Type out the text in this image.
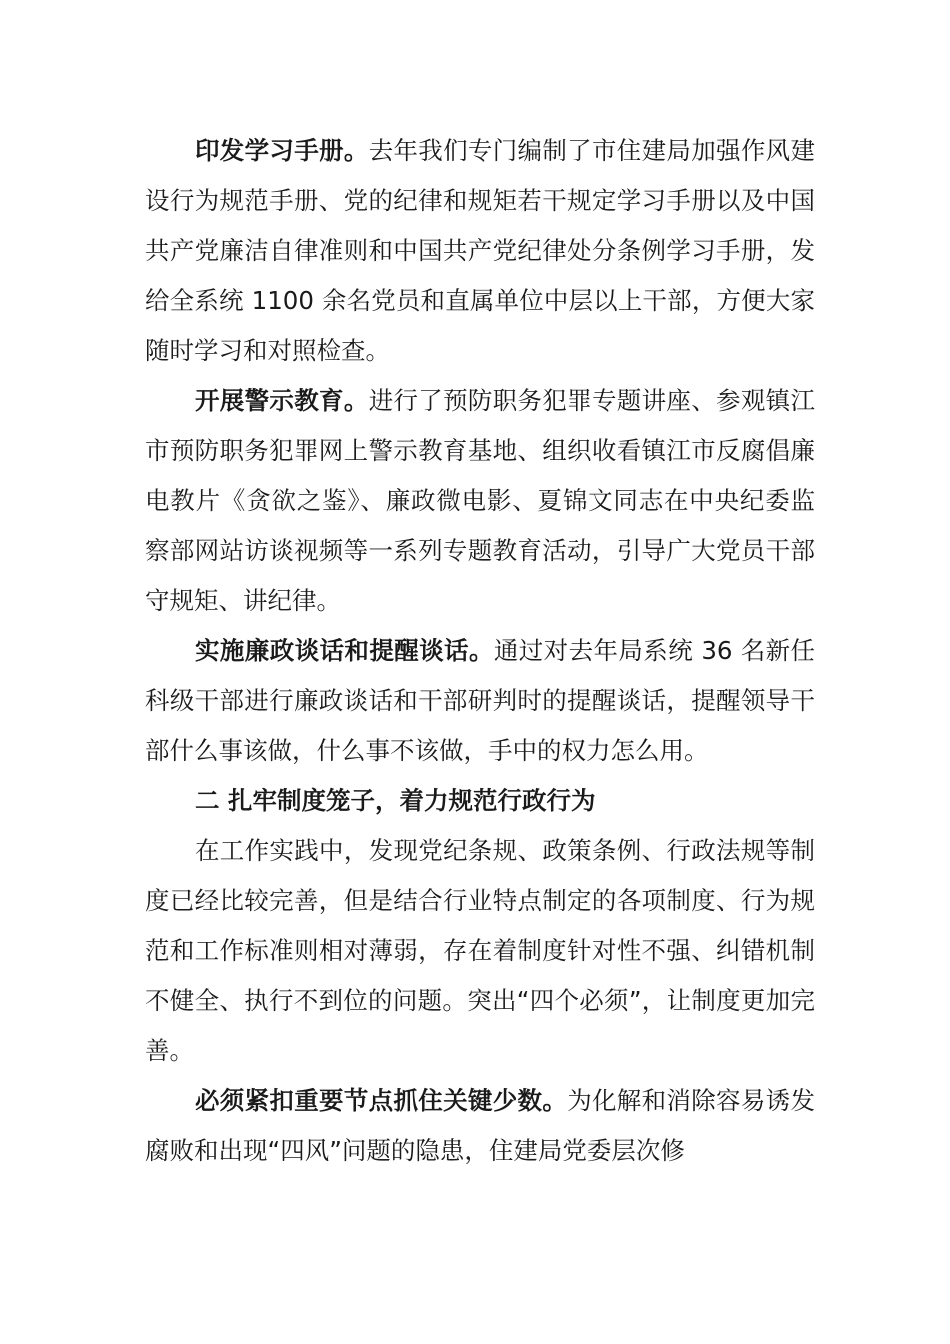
印发学习手册。去年我们专门编制了市住建局加强作风建设行为规范手册、党的纪律和规矩若干规定学习手册以及中国共产党廉洁自律准则和中国共产党纪律处分条例学习手册，发给全系统 1100 余名党员和直属单位中层以上干部，方便大家随时学习和对照检查。

开展警示教育。进行了预防职务犯罪专题讲座、参观镇江市预防职务犯罪网上警示教育基地、组织收看镇江市反腐倡廉电教片《贪欲之鉴》、廉政微电影、夏锦文同志在中央纪委监察部网站访谈视频等一系列专题教育活动，引导广大党员干部守规矩、讲纪律。

实施廉政谈话和提醒谈话。通过对去年局系统 36 名新任科级干部进行廉政谈话和干部研判时的提醒谈话，提醒领导干部什么事该做，什么事不该做，手中的权力怎么用。

二 扎牢制度笼子，着力规范行政行为

在工作实践中，发现党纪条规、政策条例、行政法规等制度已经比较完善，但是结合行业特点制定的各项制度、行为规范和工作标准则相对薄弱，存在着制度针对性不强、纠错机制不健全、执行不到位的问题。突出“四个必须”，让制度更加完善。

必须紧扣重要节点抓住关键少数。为化解和消除容易诱发腐败和出现“四风”问题的隐患，住建局党委层次修
